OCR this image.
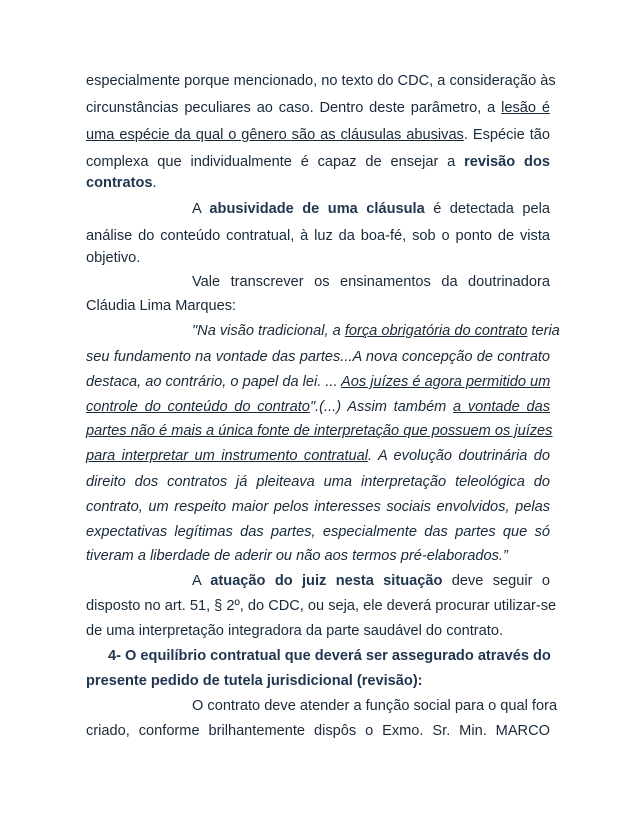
especialmente porque mencionado, no texto do CDC, a consideração às
circunstâncias peculiares ao caso. Dentro deste parâmetro, a lesão é
uma espécie da qual o gênero são as cláusulas abusivas. Espécie tão
complexa que individualmente é capaz de ensejar a revisão dos
contratos.
A abusividade de uma cláusula é detectada pela
análise do conteúdo contratual, à luz da boa-fé, sob o ponto de vista
objetivo.
Vale transcrever os ensinamentos da doutrinadora
Cláudia Lima Marques:
"Na visão tradicional, a força obrigatória do contrato teria
seu fundamento na vontade das partes...A nova concepção de contrato
destaca, ao contrário, o papel da lei. ... Aos juízes é agora permitido um
controle do conteúdo do contrato".(...) Assim também a vontade das
partes não é mais a única fonte de interpretação que possuem os juízes
para interpretar um instrumento contratual. A evolução doutrinária do
direito dos contratos já pleiteava uma interpretação teleológica do
contrato, um respeito maior pelos interesses sociais envolvidos, pelas
expectativas legítimas das partes, especialmente das partes que só
tiveram a liberdade de aderir ou não aos termos pré-elaborados.”
A atuação do juiz nesta situação deve seguir o
disposto no art. 51, § 2º, do CDC, ou seja, ele deverá procurar utilizar-se
de uma interpretação integradora da parte saudável do contrato.
4- O equilíbrio contratual que deverá ser assegurado através do
presente pedido de tutela jurisdicional (revisão):
O contrato deve atender a função social para o qual fora
criado, conforme brilhantemente dispôs o Exmo. Sr. Min. MARCO
